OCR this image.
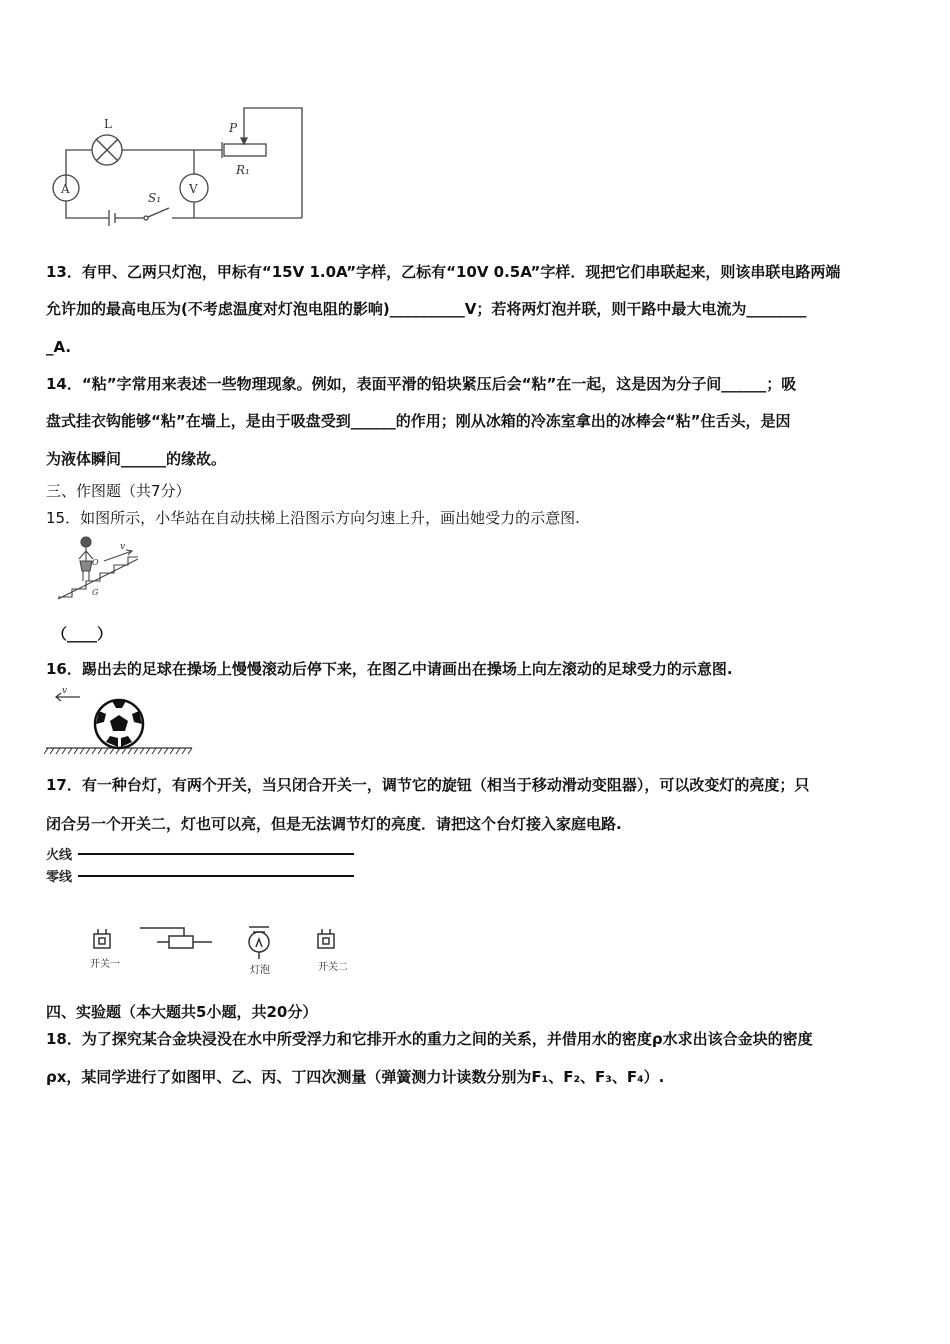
L	P
R₁
A	V
S₁
13．有甲、乙两只灯泡，甲标有“15V 1.0A”字样，乙标有“10V 0.5A”字样．现把它们串联起来，则该串联电路两端
允许加的最高电压为(不考虑温度对灯泡电阻的影响)__________V；若将两灯泡并联，则干路中最大电流为________
_A.
14．“粘”字常用来表述一些物理现象。例如，表面平滑的铅块紧压后会“粘”在一起，这是因为分子间______；吸
盘式挂衣钩能够“粘”在墙上，是由于吸盘受到______的作用；刚从冰箱的冷冻室拿出的冰棒会“粘”住舌头，是因
为液体瞬间______的缘故。
三、作图题（共7分）
15．如图所示，小华站在自动扶梯上沿图示方向匀速上升，画出她受力的示意图.
v
O
G
（____）
16．踢出去的足球在操场上慢慢滚动后停下来，在图乙中请画出在操场上向左滚动的足球受力的示意图.
v
17．有一种台灯，有两个开关，当只闭合开关一，调节它的旋钮（相当于移动滑动变阻器），可以改变灯的亮度；只
闭合另一个开关二，灯也可以亮，但是无法调节灯的亮度．请把这个台灯接入家庭电路.
火线
零线
开关一
灯泡	开关二
四、实验题（本大题共5小题，共20分）
18．为了探究某合金块浸没在水中所受浮力和它排开水的重力之间的关系，并借用水的密度ρ水求出该合金块的密度
ρx，某同学进行了如图甲、乙、丙、丁四次测量（弹簧测力计读数分别为F₁、F₂、F₃、F₄）.
